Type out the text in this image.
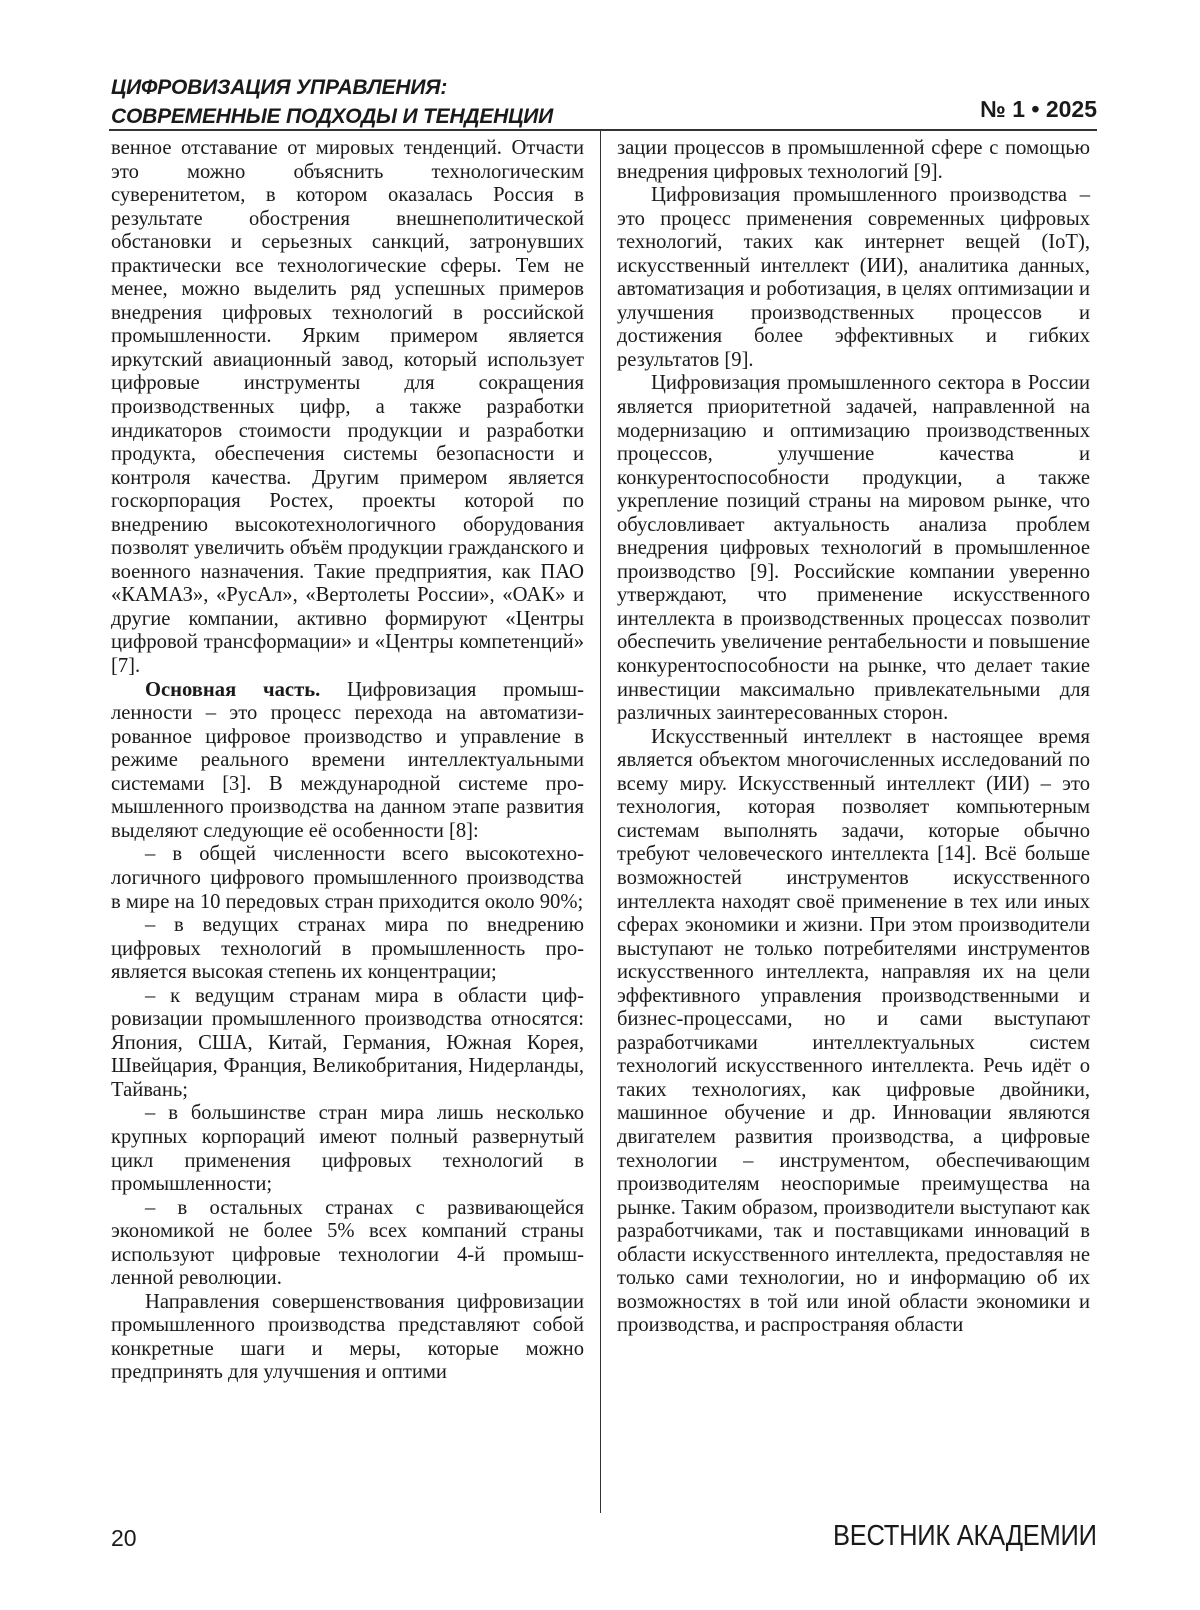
ЦИФРОВИЗАЦИЯ УПРАВЛЕНИЯ:
СОВРЕМЕННЫЕ ПОДХОДЫ И ТЕНДЕНЦИИ	№ 1 • 2025

венное отставание от мировых тенденций. Отчасти это можно объяснить технологическим суверенитетом, в котором оказалась Россия в результате обострения внешнеполитической обстановки и серьезных санкций, затронувших практически все технологические сферы. Тем не менее, можно выделить ряд успешных примеров внедрения цифровых технологий в российской промышленности. Ярким примером является иркутский авиационный завод, который использует цифровые инструменты для сокращения производственных цифр, а также разработки индикаторов стоимости продукции и разработки продукта, обеспечения системы безопасности и контроля качества. Другим примером является госкорпорация Ростех, проекты которой по внедрению высокотехнологичного оборудования позволят увеличить объём продукции гражданского и военного назначения. Такие предприятия, как ПАО «КАМАЗ», «РусАл», «Вертолеты России», «ОАК» и другие компании, активно формируют «Центры цифровой трансформации» и «Центры компетенций» [7].

Основная часть. Цифровизация промышленности – это процесс перехода на автоматизированное цифровое производство и управление в режиме реального времени интеллектуальными системами [3]. В международной системе промышленного производства на данном этапе развития выделяют следующие её особенности [8]:

– в общей численности всего высокотехнологичного цифрового промышленного производства в мире на 10 передовых стран приходится около 90%;

– в ведущих странах мира по внедрению цифровых технологий в промышленность проявляется высокая степень их концентрации;

– к ведущим странам мира в области цифровизации промышленного производства относятся: Япония, США, Китай, Германия, Южная Корея, Швейцария, Франция, Великобритания, Нидерланды, Тайвань;

– в большинстве стран мира лишь несколько крупных корпораций имеют полный развернутый цикл применения цифровых технологий в промышленности;

– в остальных странах с развивающейся экономикой не более 5% всех компаний страны используют цифровые технологии 4-й промышленной революции.

Направления совершенствования цифровизации промышленного производства представляют собой конкретные шаги и меры, которые можно предпринять для улучшения и оптими

зации процессов в промышленной сфере с помощью внедрения цифровых технологий [9].

Цифровизация промышленного производства – это процесс применения современных цифровых технологий, таких как интернет вещей (IoT), искусственный интеллект (ИИ), аналитика данных, автоматизация и роботизация, в целях оптимизации и улучшения производственных процессов и достижения более эффективных и гибких результатов [9].

Цифровизация промышленного сектора в России является приоритетной задачей, направленной на модернизацию и оптимизацию производственных процессов, улучшение качества и конкурентоспособности продукции, а также укрепление позиций страны на мировом рынке, что обусловливает актуальность анализа проблем внедрения цифровых технологий в промышленное производство [9]. Российские компании уверенно утверждают, что применение искусственного интеллекта в производственных процессах позволит обеспечить увеличение рентабельности и повышение конкурентоспособности на рынке, что делает такие инвестиции максимально привлекательными для различных заинтересованных сторон.

Искусственный интеллект в настоящее время является объектом многочисленных исследований по всему миру. Искусственный интеллект (ИИ) – это технология, которая позволяет компьютерным системам выполнять задачи, которые обычно требуют человеческого интеллекта [14]. Всё больше возможностей инструментов искусственного интеллекта находят своё применение в тех или иных сферах экономики и жизни. При этом производители выступают не только потребителями инструментов искусственного интеллекта, направляя их на цели эффективного управления производственными и бизнес-процессами, но и сами выступают разработчиками интеллектуальных систем технологий искусственного интеллекта. Речь идёт о таких технологиях, как цифровые двойники, машинное обучение и др. Инновации являются двигателем развития производства, а цифровые технологии – инструментом, обеспечивающим производителям неоспоримые преимущества на рынке. Таким образом, производители выступают как разработчиками, так и поставщиками инноваций в области искусственного интеллекта, предоставляя не только сами технологии, но и информацию об их возможностях в той или иной области экономики и производства, и распространяя области

20	ВЕСТНИК АКАДЕМИИ
